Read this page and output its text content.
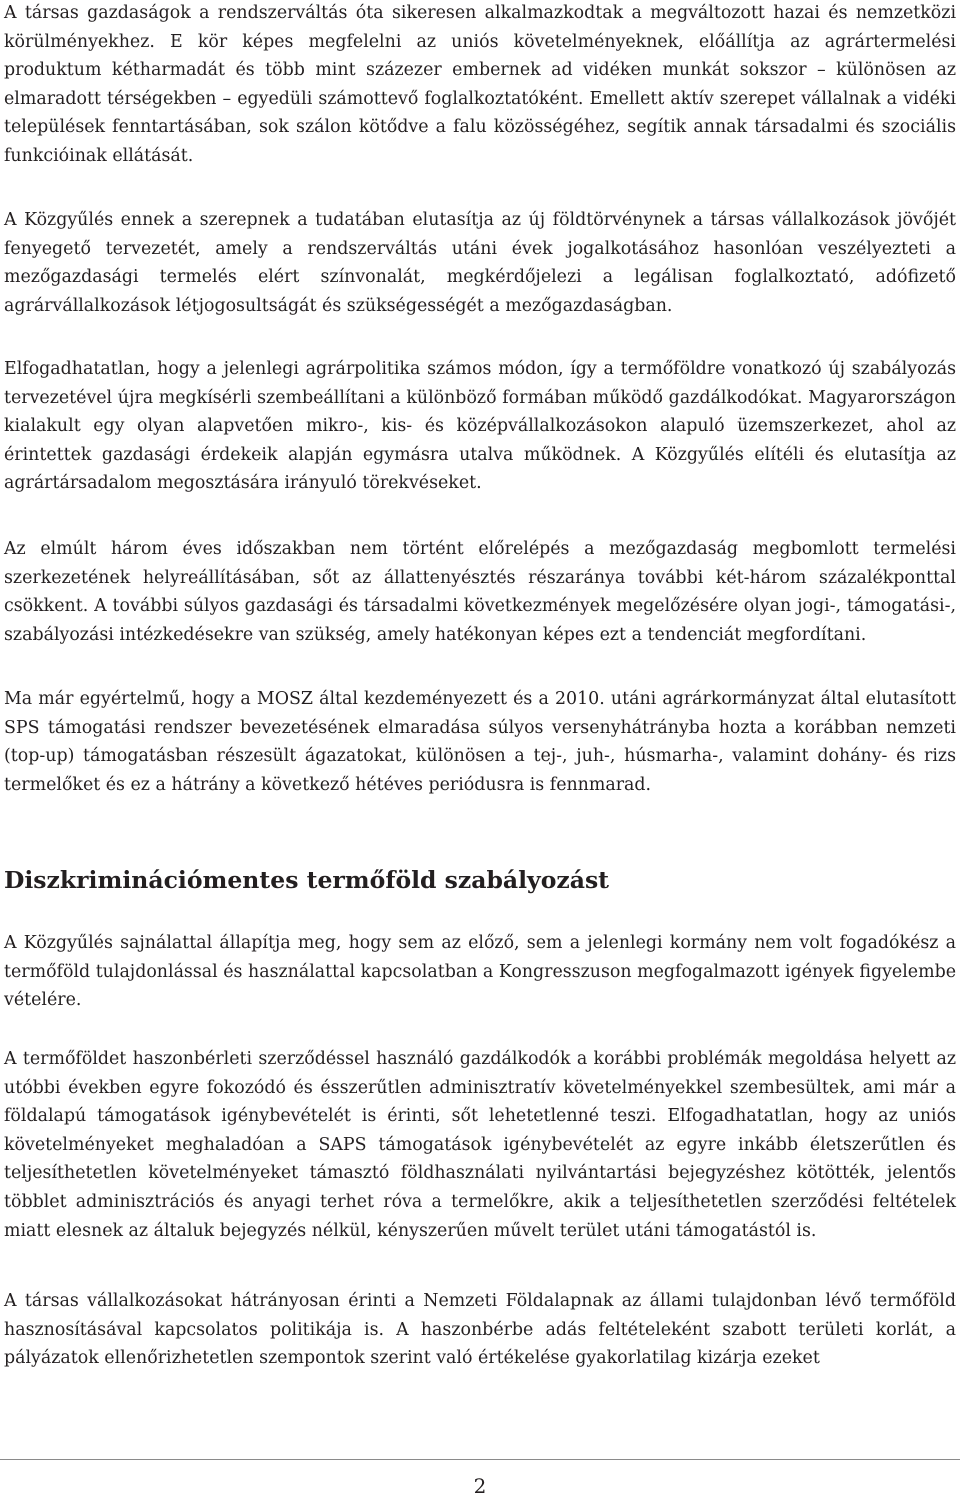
A társas gazdaságok a rendszerváltás óta sikeresen alkalmazkodtak a megváltozott hazai és nemzetközi körülményekhez. E kör képes megfelelni az uniós követelményeknek, előállítja az agrártermelési produktum kétharmadát és több mint százezer embernek ad vidéken munkát sokszor – különösen az elmaradott térségekben – egyedüli számottevő foglalkoztatóként. Emellett aktív szerepet vállalnak a vidéki települések fenntartásában, sok szálon kötődve a falu közösségéhez, segítik annak társadalmi és szociális funkcióinak ellátását.

A Közgyűlés ennek a szerepnek a tudatában elutasítja az új földtörvénynek a társas vállalkozások jövőjét fenyegető tervezetét, amely a rendszerváltás utáni évek jogalkotásához hasonlóan veszélyezteti a mezőgazdasági termelés elért színvonalát, megkérdőjelezi a legálisan foglalkoztató, adófizető agrárvállalkozások létjogosultságát és szükségességét a mezőgazdaságban.

Elfogadhatatlan, hogy a jelenlegi agrárpolitika számos módon, így a termőföldre vonatkozó új szabályozás tervezetével újra megkísérli szembeállítani a különböző formában működő gazdálkodókat. Magyarországon kialakult egy olyan alapvetően mikro-, kis- és középvállalkozásokon alapuló üzemszerkezet, ahol az érintettek gazdasági érdekeik alapján egymásra utalva működnek. A Közgyűlés elítéli és elutasítja az agrártársadalom megosztására irányuló törekvéseket.

Az elmúlt három éves időszakban nem történt előrelépés a mezőgazdaság megbomlott termelési szerkezetének helyreállításában, sőt az állattenyésztés részaránya további két-három százalékponttal csökkent. A további súlyos gazdasági és társadalmi következmények megelőzésére olyan jogi-, támogatási-, szabályozási intézkedésekre van szükség, amely hatékonyan képes ezt a tendenciát megfordítani.

Ma már egyértelmű, hogy a MOSZ által kezdeményezett és a 2010. utáni agrárkormányzat által elutasított SPS támogatási rendszer bevezetésének elmaradása súlyos versenyhátrányba hozta a korábban nemzeti (top-up) támogatásban részesült ágazatokat, különösen a tej-, juh-, húsmarha-, valamint dohány- és rizs termelőket és ez a hátrány a következő hétéves periódusra is fennmarad.

Diszkriminációmentes termőföld szabályozást

A Közgyűlés sajnálattal állapítja meg, hogy sem az előző, sem a jelenlegi kormány nem volt fogadókész a termőföld tulajdonlással és használattal kapcsolatban a Kongresszuson megfogalmazott igények figyelembe vételére.

A termőföldet haszonbérleti szerződéssel használó gazdálkodók a korábbi problémák megoldása helyett az utóbbi években egyre fokozódó és ésszerűtlen adminisztratív követelményekkel szembesültek, ami már a földalapú támogatások igénybevételét is érinti, sőt lehetetlenné teszi. Elfogadhatatlan, hogy az uniós követelményeket meghaladóan a SAPS támogatások igénybevételét az egyre inkább életszerűtlen és teljesíthetetlen követelményeket támasztó földhasználati nyilvántartási bejegyzéshez kötötték, jelentős többlet adminisztrációs és anyagi terhet róva a termelőkre, akik a teljesíthetetlen szerződési feltételek miatt elesnek az általuk bejegyzés nélkül, kényszerűen művelt terület utáni támogatástól is.

A társas vállalkozásokat hátrányosan érinti a Nemzeti Földalapnak az állami tulajdonban lévő termőföld hasznosításával kapcsolatos politikája is. A haszonbérbe adás feltételeként szabott területi korlát, a pályázatok ellenőrizhetetlen szempontok szerint való értékelése gyakorlatilag kizárja ezeket

2
